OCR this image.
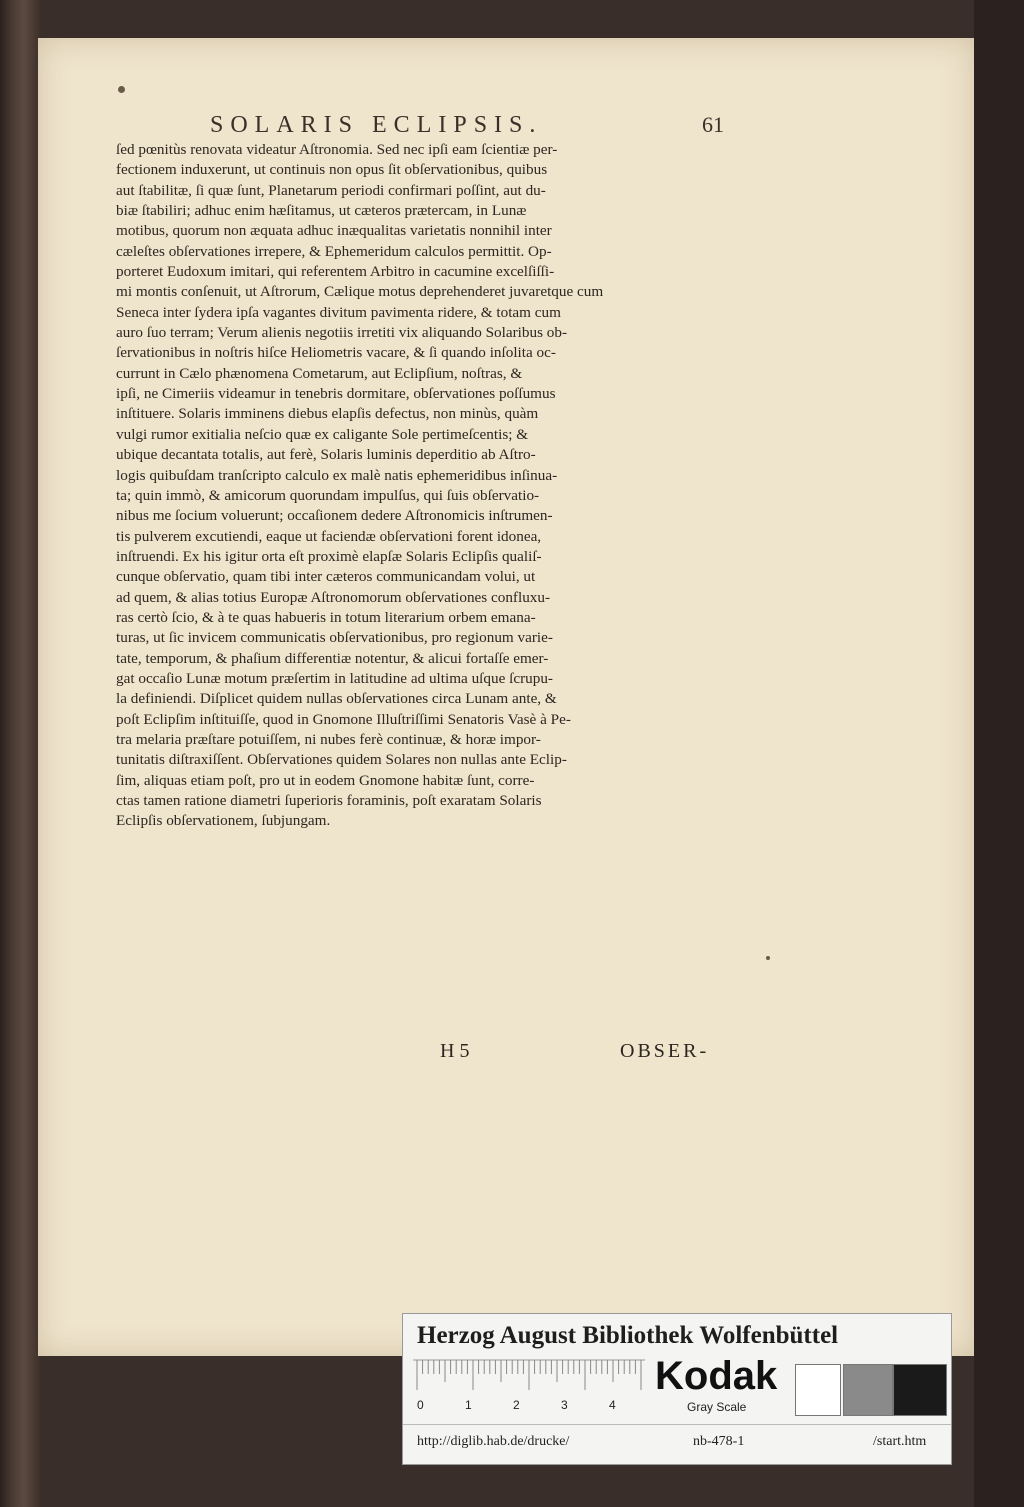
SOLARIS ECLIPSIS.	61
ſed pœnitùs renovata videatur Aſtronomia. Sed nec ipſi eam ſcientiæ per-
fectionem induxerunt, ut continuis non opus ſit obſervationibus, quibus
aut ſtabilitæ, ſi quæ ſunt, Planetarum periodi confirmari poſſint, aut du-
biæ ſtabiliri; adhuc enim hæſitamus, ut cæteros prætercam, in Lunæ
motibus, quorum non æquata adhuc inæqualitas varietatis nonnihil inter
cæleſtes obſervationes irrepere, & Ephemeridum calculos permittit. Op-
porteret Eudoxum imitari, qui referentem Arbitro in cacumine excelſiſſi-
mi montis conſenuit, ut Aſtrorum, Cælique motus deprehenderet juvaretque cum
Seneca inter ſydera ipſa vagantes divitum pavimenta ridere, & totam cum
auro ſuo terram; Verum alienis negotiis irretiti vix aliquando Solaribus ob-
ſervationibus in noſtris hiſce Heliometris vacare, & ſi quando inſolita oc-
currunt in Cælo phænomena Cometarum, aut Eclipſium, noſtras, &
ipſi, ne Cimeriis videamur in tenebris dormitare, obſervationes poſſumus
inſtituere. Solaris imminens diebus elapſis defectus, non minùs, quàm
vulgi rumor exitialia neſcio quæ ex caligante Sole pertimeſcentis; &
ubique decantata totalis, aut ferè, Solaris luminis deperditio ab Aſtro-
logis quibuſdam tranſcripto calculo ex malè natis ephemeridibus inſinua-
ta; quin immò, & amicorum quorundam impulſus, qui ſuis obſervatio-
nibus me ſocium voluerunt; occaſionem dedere Aſtronomicis inſtrumen-
tis pulverem excutiendi, eaque ut faciendæ obſervationi forent idonea,
inſtruendi. Ex his igitur orta eſt proximè elapſæ Solaris Eclipſis qualiſ-
cunque obſervatio, quam tibi inter cæteros communicandam volui, ut
ad quem, & alias totius Europæ Aſtronomorum obſervationes confluxu-
ras certò ſcio, & à te quas habueris in totum literarium orbem emana-
turas, ut ſic invicem communicatis obſervationibus, pro regionum varie-
tate, temporum, & phaſium differentiæ notentur, & alicui fortaſſe emer-
gat occaſio Lunæ motum præſertim in latitudine ad ultima uſque ſcrupu-
la definiendi. Diſplicet quidem nullas obſervationes circa Lunam ante, &
poſt Eclipſim inſtituiſſe, quod in Gnomone Illuſtriſſimi Senatoris Vasè à Pe-
tra melaria præſtare potuiſſem, ni nubes ferè continuæ, & horæ impor-
tunitatis diſtraxiſſent. Obſervationes quidem Solares non nullas ante Eclip-
ſim, aliquas etiam poſt, pro ut in eodem Gnomone habitæ ſunt, corre-
ctas tamen ratione diametri ſuperioris foraminis, poſt exaratam Solaris
Eclipſis obſervationem, ſubjungam.
H 5	OBSER-
Herzog August Bibliothek Wolfenbüttel
0	1	2	3	4
Kodak
Gray Scale
http://diglib.hab.de/drucke/	nb-478-1	/start.htm
